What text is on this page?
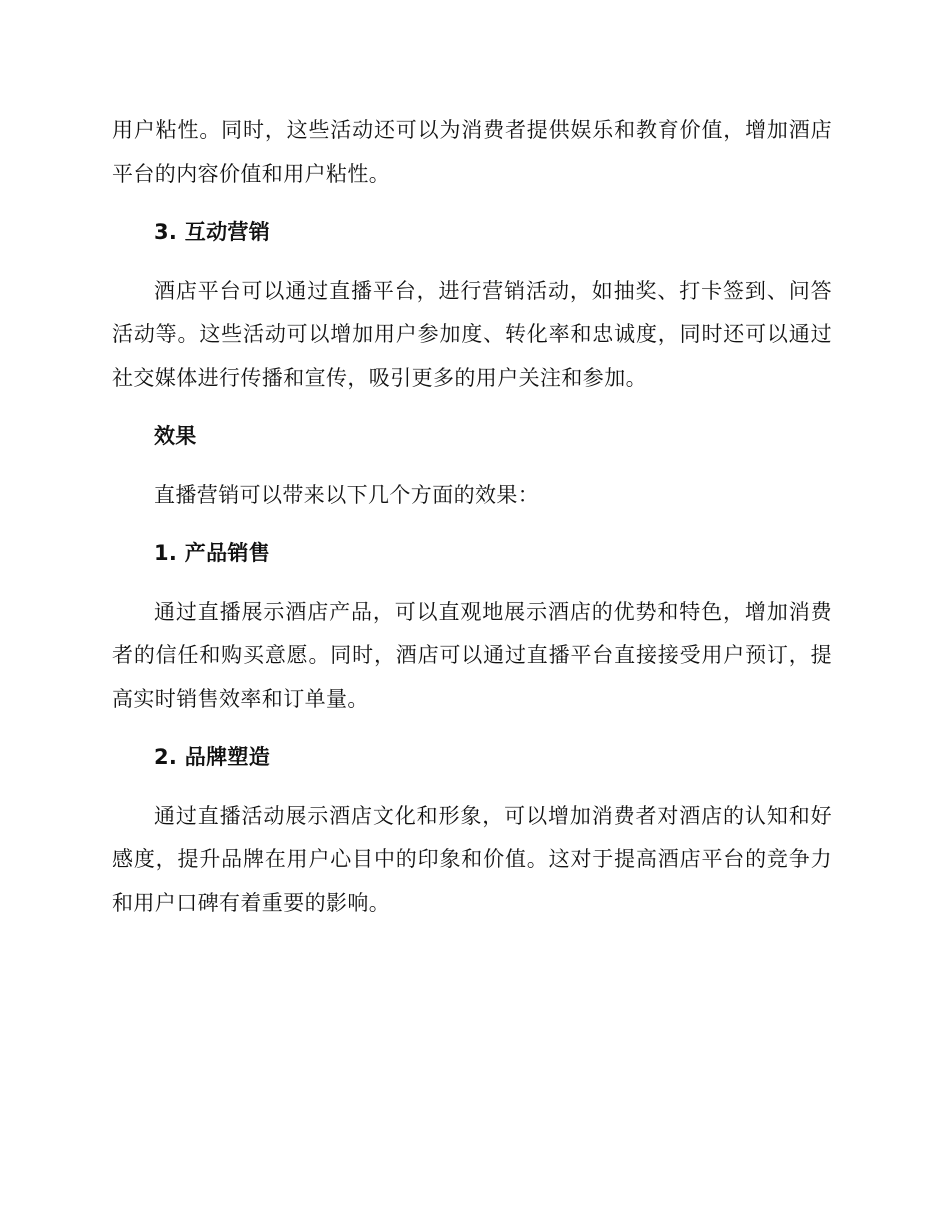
用户粘性。同时，这些活动还可以为消费者提供娱乐和教育价值，增加酒店平台的内容价值和用户粘性。

3. 互动营销

酒店平台可以通过直播平台，进行营销活动，如抽奖、打卡签到、问答活动等。这些活动可以增加用户参加度、转化率和忠诚度，同时还可以通过社交媒体进行传播和宣传，吸引更多的用户关注和参加。

效果

直播营销可以带来以下几个方面的效果：

1. 产品销售

通过直播展示酒店产品，可以直观地展示酒店的优势和特色，增加消费者的信任和购买意愿。同时，酒店可以通过直播平台直接接受用户预订，提高实时销售效率和订单量。

2. 品牌塑造

通过直播活动展示酒店文化和形象，可以增加消费者对酒店的认知和好感度，提升品牌在用户心目中的印象和价值。这对于提高酒店平台的竞争力和用户口碑有着重要的影响。
